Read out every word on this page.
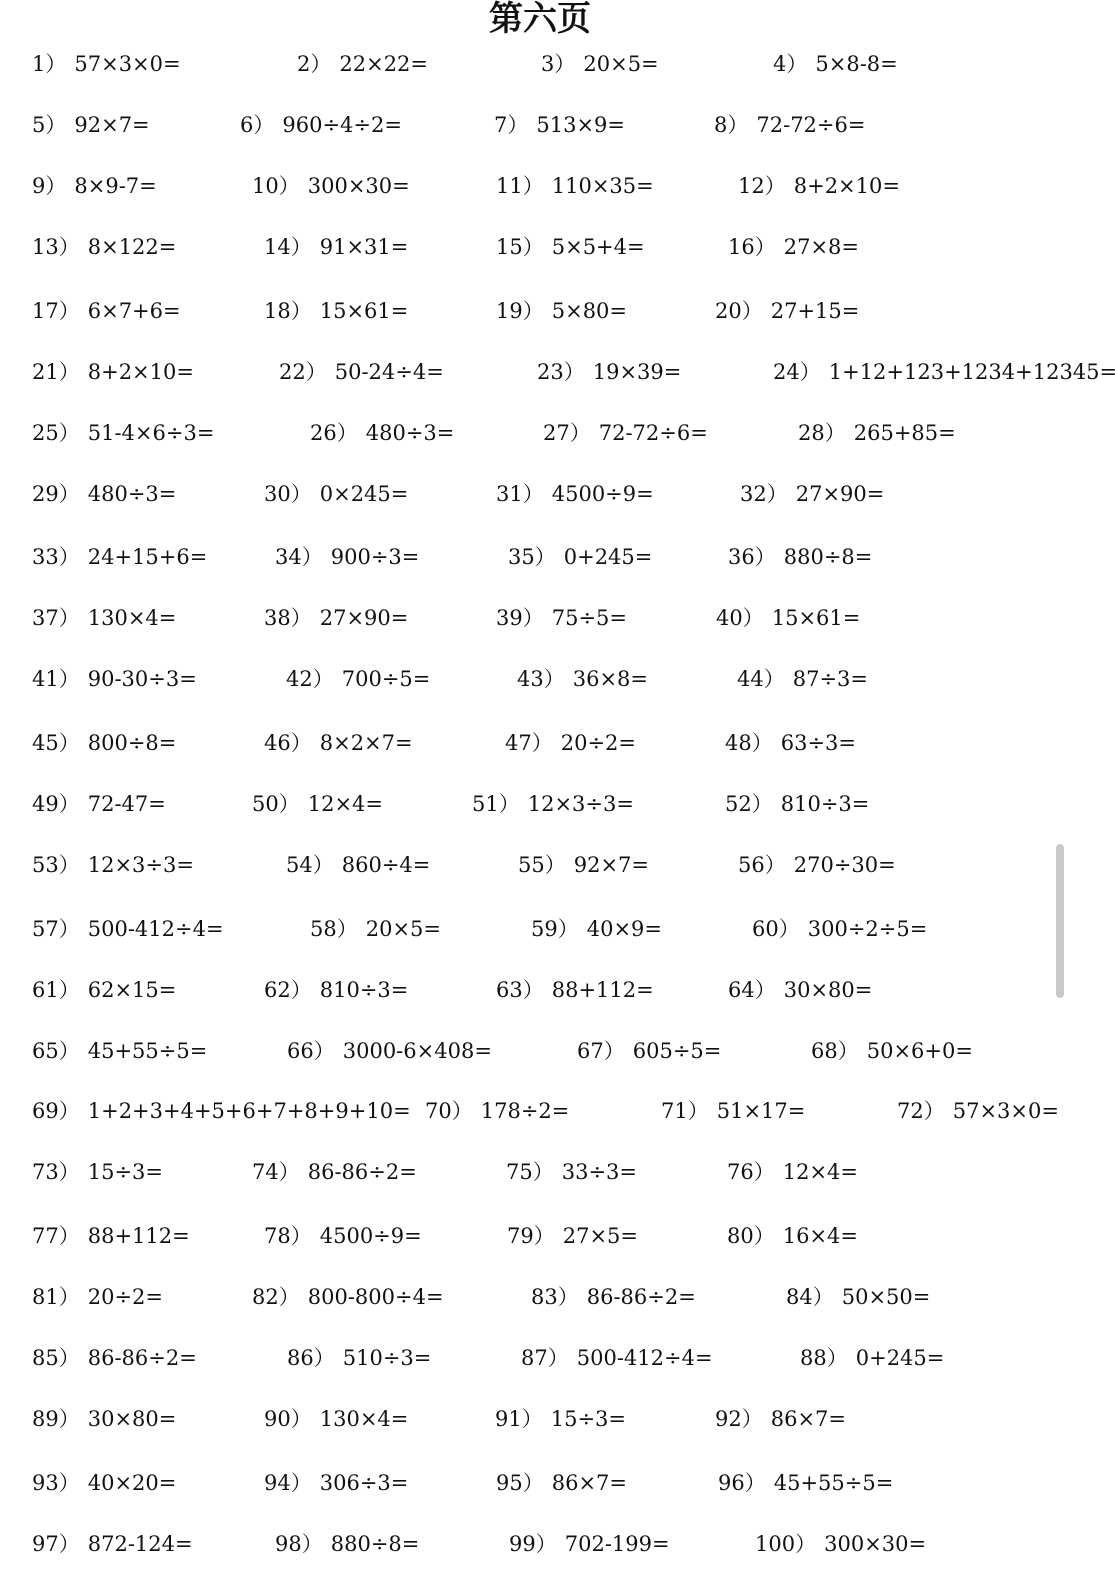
第六页
1） 57×3×0=	2） 22×22=	3） 20×5=	4） 5×8-8=
5） 92×7=	6） 960÷4÷2=	7） 513×9=	8） 72-72÷6=
9） 8×9-7=	10） 300×30=	11） 110×35=	12） 8+2×10=
13） 8×122=	14） 91×31=	15） 5×5+4=	16） 27×8=
17） 6×7+6=	18） 15×61=	19） 5×80=	20） 27+15=
21） 8+2×10=	22） 50-24÷4=	23） 19×39=	24） 1+12+123+1234+12345=
25） 51-4×6÷3=	26） 480÷3=	27） 72-72÷6=	28） 265+85=
29） 480÷3=	30） 0×245=	31） 4500÷9=	32） 27×90=
33） 24+15+6=	34） 900÷3=	35） 0+245=	36） 880÷8=
37） 130×4=	38） 27×90=	39） 75÷5=	40） 15×61=
41） 90-30÷3=	42） 700÷5=	43） 36×8=	44） 87÷3=
45） 800÷8=	46） 8×2×7=	47） 20÷2=	48） 63÷3=
49） 72-47=	50） 12×4=	51） 12×3÷3=	52） 810÷3=
53） 12×3÷3=	54） 860÷4=	55） 92×7=	56） 270÷30=
57） 500-412÷4=	58） 20×5=	59） 40×9=	60） 300÷2÷5=
61） 62×15=	62） 810÷3=	63） 88+112=	64） 30×80=
65） 45+55÷5=	66） 3000-6×408=	67） 605÷5=	68） 50×6+0=
69） 1+2+3+4+5+6+7+8+9+10= 70） 178÷2=	71） 51×17=	72） 57×3×0=
73） 15÷3=	74） 86-86÷2=	75） 33÷3=	76） 12×4=
77） 88+112=	78） 4500÷9=	79） 27×5=	80） 16×4=
81） 20÷2=	82） 800-800÷4=	83） 86-86÷2=	84） 50×50=
85） 86-86÷2=	86） 510÷3=	87） 500-412÷4=	88） 0+245=
89） 30×80=	90） 130×4=	91） 15÷3=	92） 86×7=
93） 40×20=	94） 306÷3=	95） 86×7=	96） 45+55÷5=
97） 872-124=	98） 880÷8=	99） 702-199=	100） 300×30=
